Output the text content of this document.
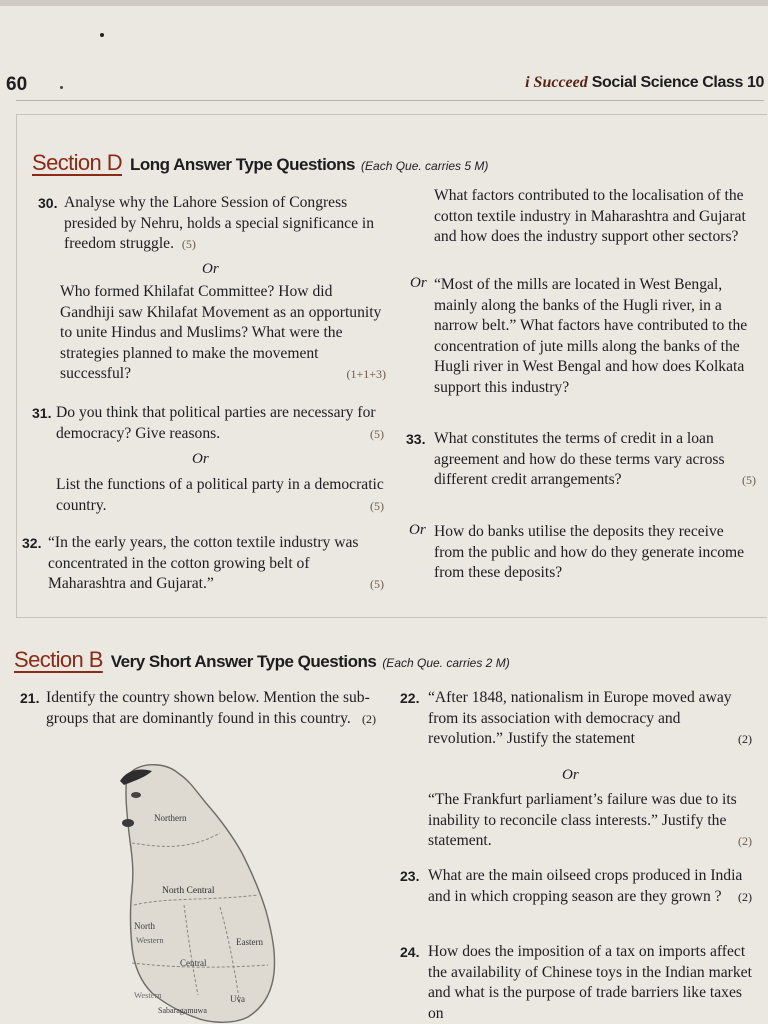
60	i Succeed Social Science Class 10
Section D Long Answer Type Questions (Each Que. carries 5 M)
30. Analyse why the Lahore Session of Congress presided by Nehru, holds a special significance in freedom struggle. (5)
Or
Who formed Khilafat Committee? How did Gandhiji saw Khilafat Movement as an opportunity to unite Hindus and Muslims? What were the strategies planned to make the movement successful?	(1+1+3)
31. Do you think that political parties are necessary for democracy? Give reasons.	(5)
Or
List the functions of a political party in a democratic country.	(5)
32. “In the early years, the cotton textile industry was concentrated in the cotton growing belt of Maharashtra and Gujarat.”	(5)
What factors contributed to the localisation of the cotton textile industry in Maharashtra and Gujarat and how does the industry support other sectors?
Or “Most of the mills are located in West Bengal, mainly along the banks of the Hugli river, in a narrow belt.” What factors have contributed to the concentration of jute mills along the banks of the Hugli river in West Bengal and how does Kolkata support this industry?
33. What constitutes the terms of credit in a loan agreement and how do these terms vary across different credit arrangements?	(5)
Or How do banks utilise the deposits they receive from the public and how do they generate income from these deposits?
Section B Very Short Answer Type Questions (Each Que. carries 2 M)
21. Identify the country shown below. Mention the sub-groups that are dominantly found in this country. (2)
Northern
North Central
North
Western	Eastern
Central
Western	Uva
Sabaragamuwa
22. “After 1848, nationalism in Europe moved away from its association with democracy and revolution.” Justify the statement	(2)
Or
“The Frankfurt parliament’s failure was due to its inability to reconcile class interests.” Justify the statement.	(2)
23. What are the main oilseed crops produced in India and in which cropping season are they grown ? (2)
24. How does the imposition of a tax on imports affect the availability of Chinese toys in the Indian market and what is the purpose of trade barriers like taxes on
